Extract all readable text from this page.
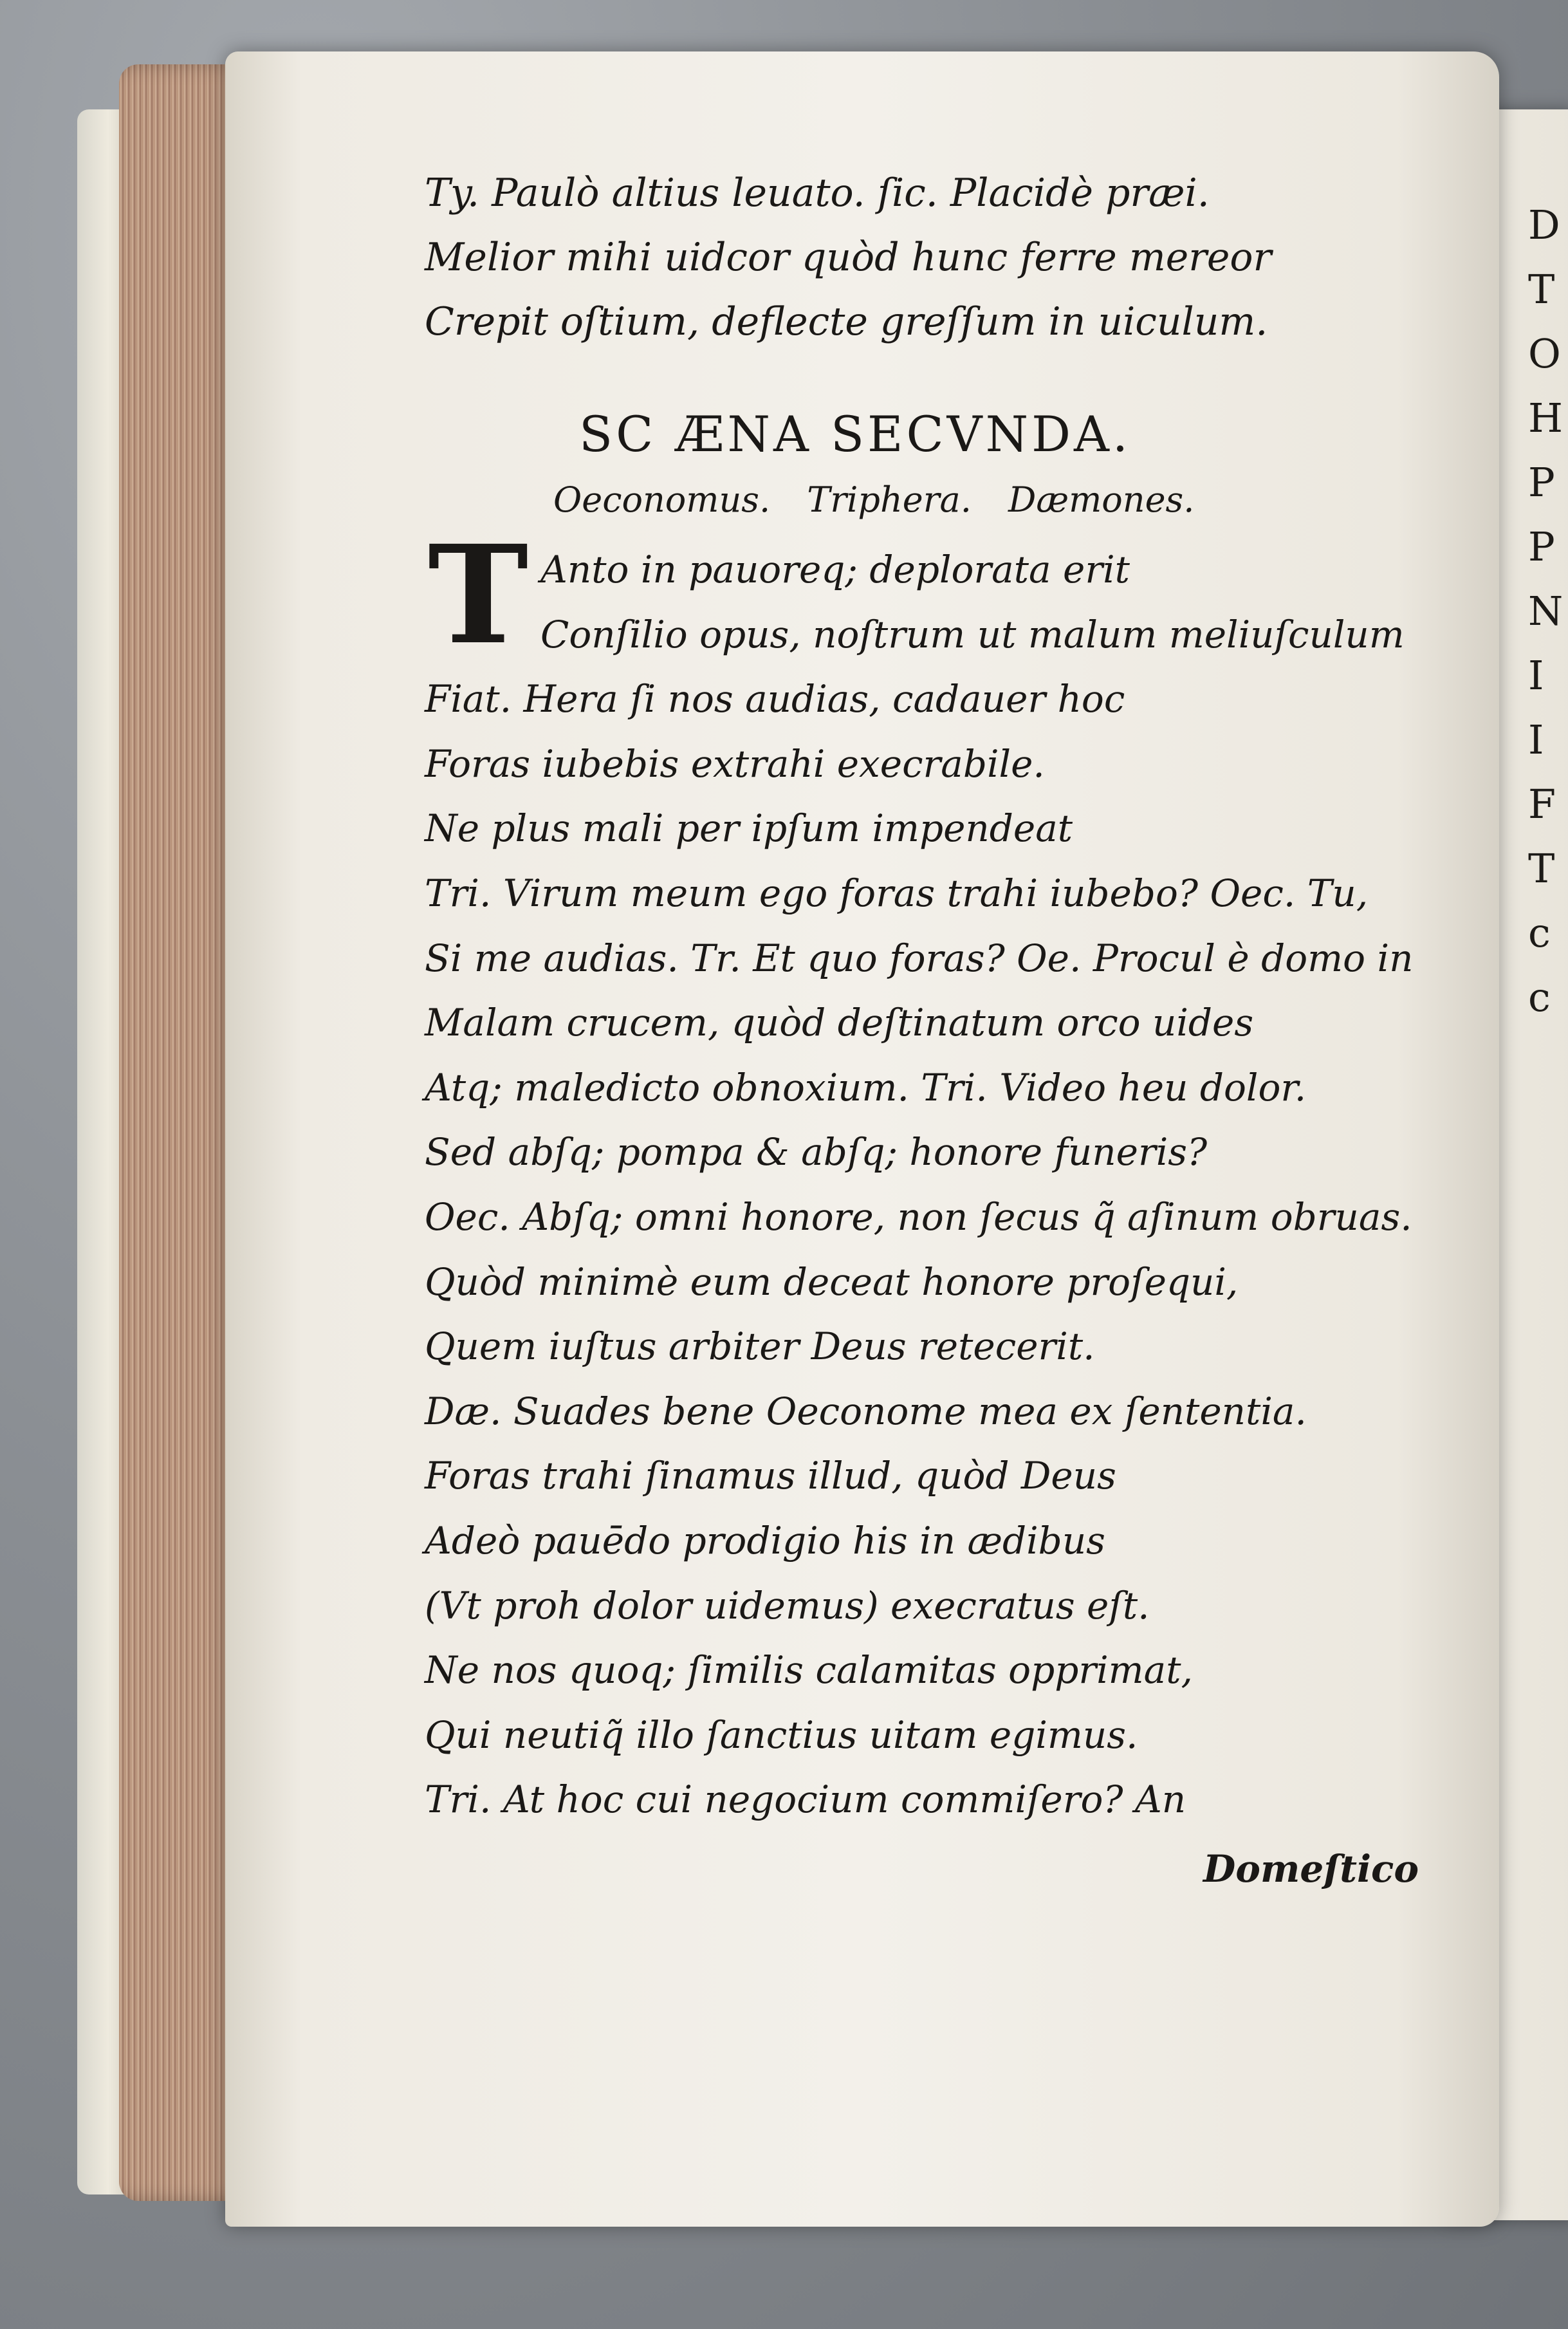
D
T
O
H
P
P
N
I
I
F
T
c
c
Ty. Paulò altius leuato. ſic. Placidè præi.
Melior mihi uidcor quòd hunc ferre mereor
Crepit oſtium, deflecte greſſum in uiculum.
SC ÆNA SECVNDA.
Oeconomus. Triphera. Dæmones.
T Anto in pauoreq; deplorata erit
Conſilio opus, noſtrum ut malum meliuſculum
Fiat. Hera ſi nos audias, cadauer hoc
Foras iubebis extrahi execrabile.
Ne plus mali per ipſum impendeat
Tri. Virum meum ego foras trahi iubebo? Oec. Tu,
Si me audias. Tr. Et quo foras? Oe. Procul è domo in
Malam crucem, quòd deſtinatum orco uides
Atq; maledicto obnoxium. Tri. Video heu dolor.
Sed abſq; pompa & abſq; honore funeris?
Oec. Abſq; omni honore, non ſecus q̃ aſinum obruas.
Quòd minimè eum deceat honore proſequi,
Quem iuſtus arbiter Deus retecerit.
Dæ. Suades bene Oeconome mea ex ſententia.
Foras trahi ſinamus illud, quòd Deus
Adeò pauēdo prodigio his in ædibus
(Vt proh dolor uidemus) execratus eſt.
Ne nos quoq; ſimilis calamitas opprimat,
Qui neutiq̃ illo ſanctius uitam egimus.
Tri. At hoc cui negocium commiſero? An
Domeſtico
